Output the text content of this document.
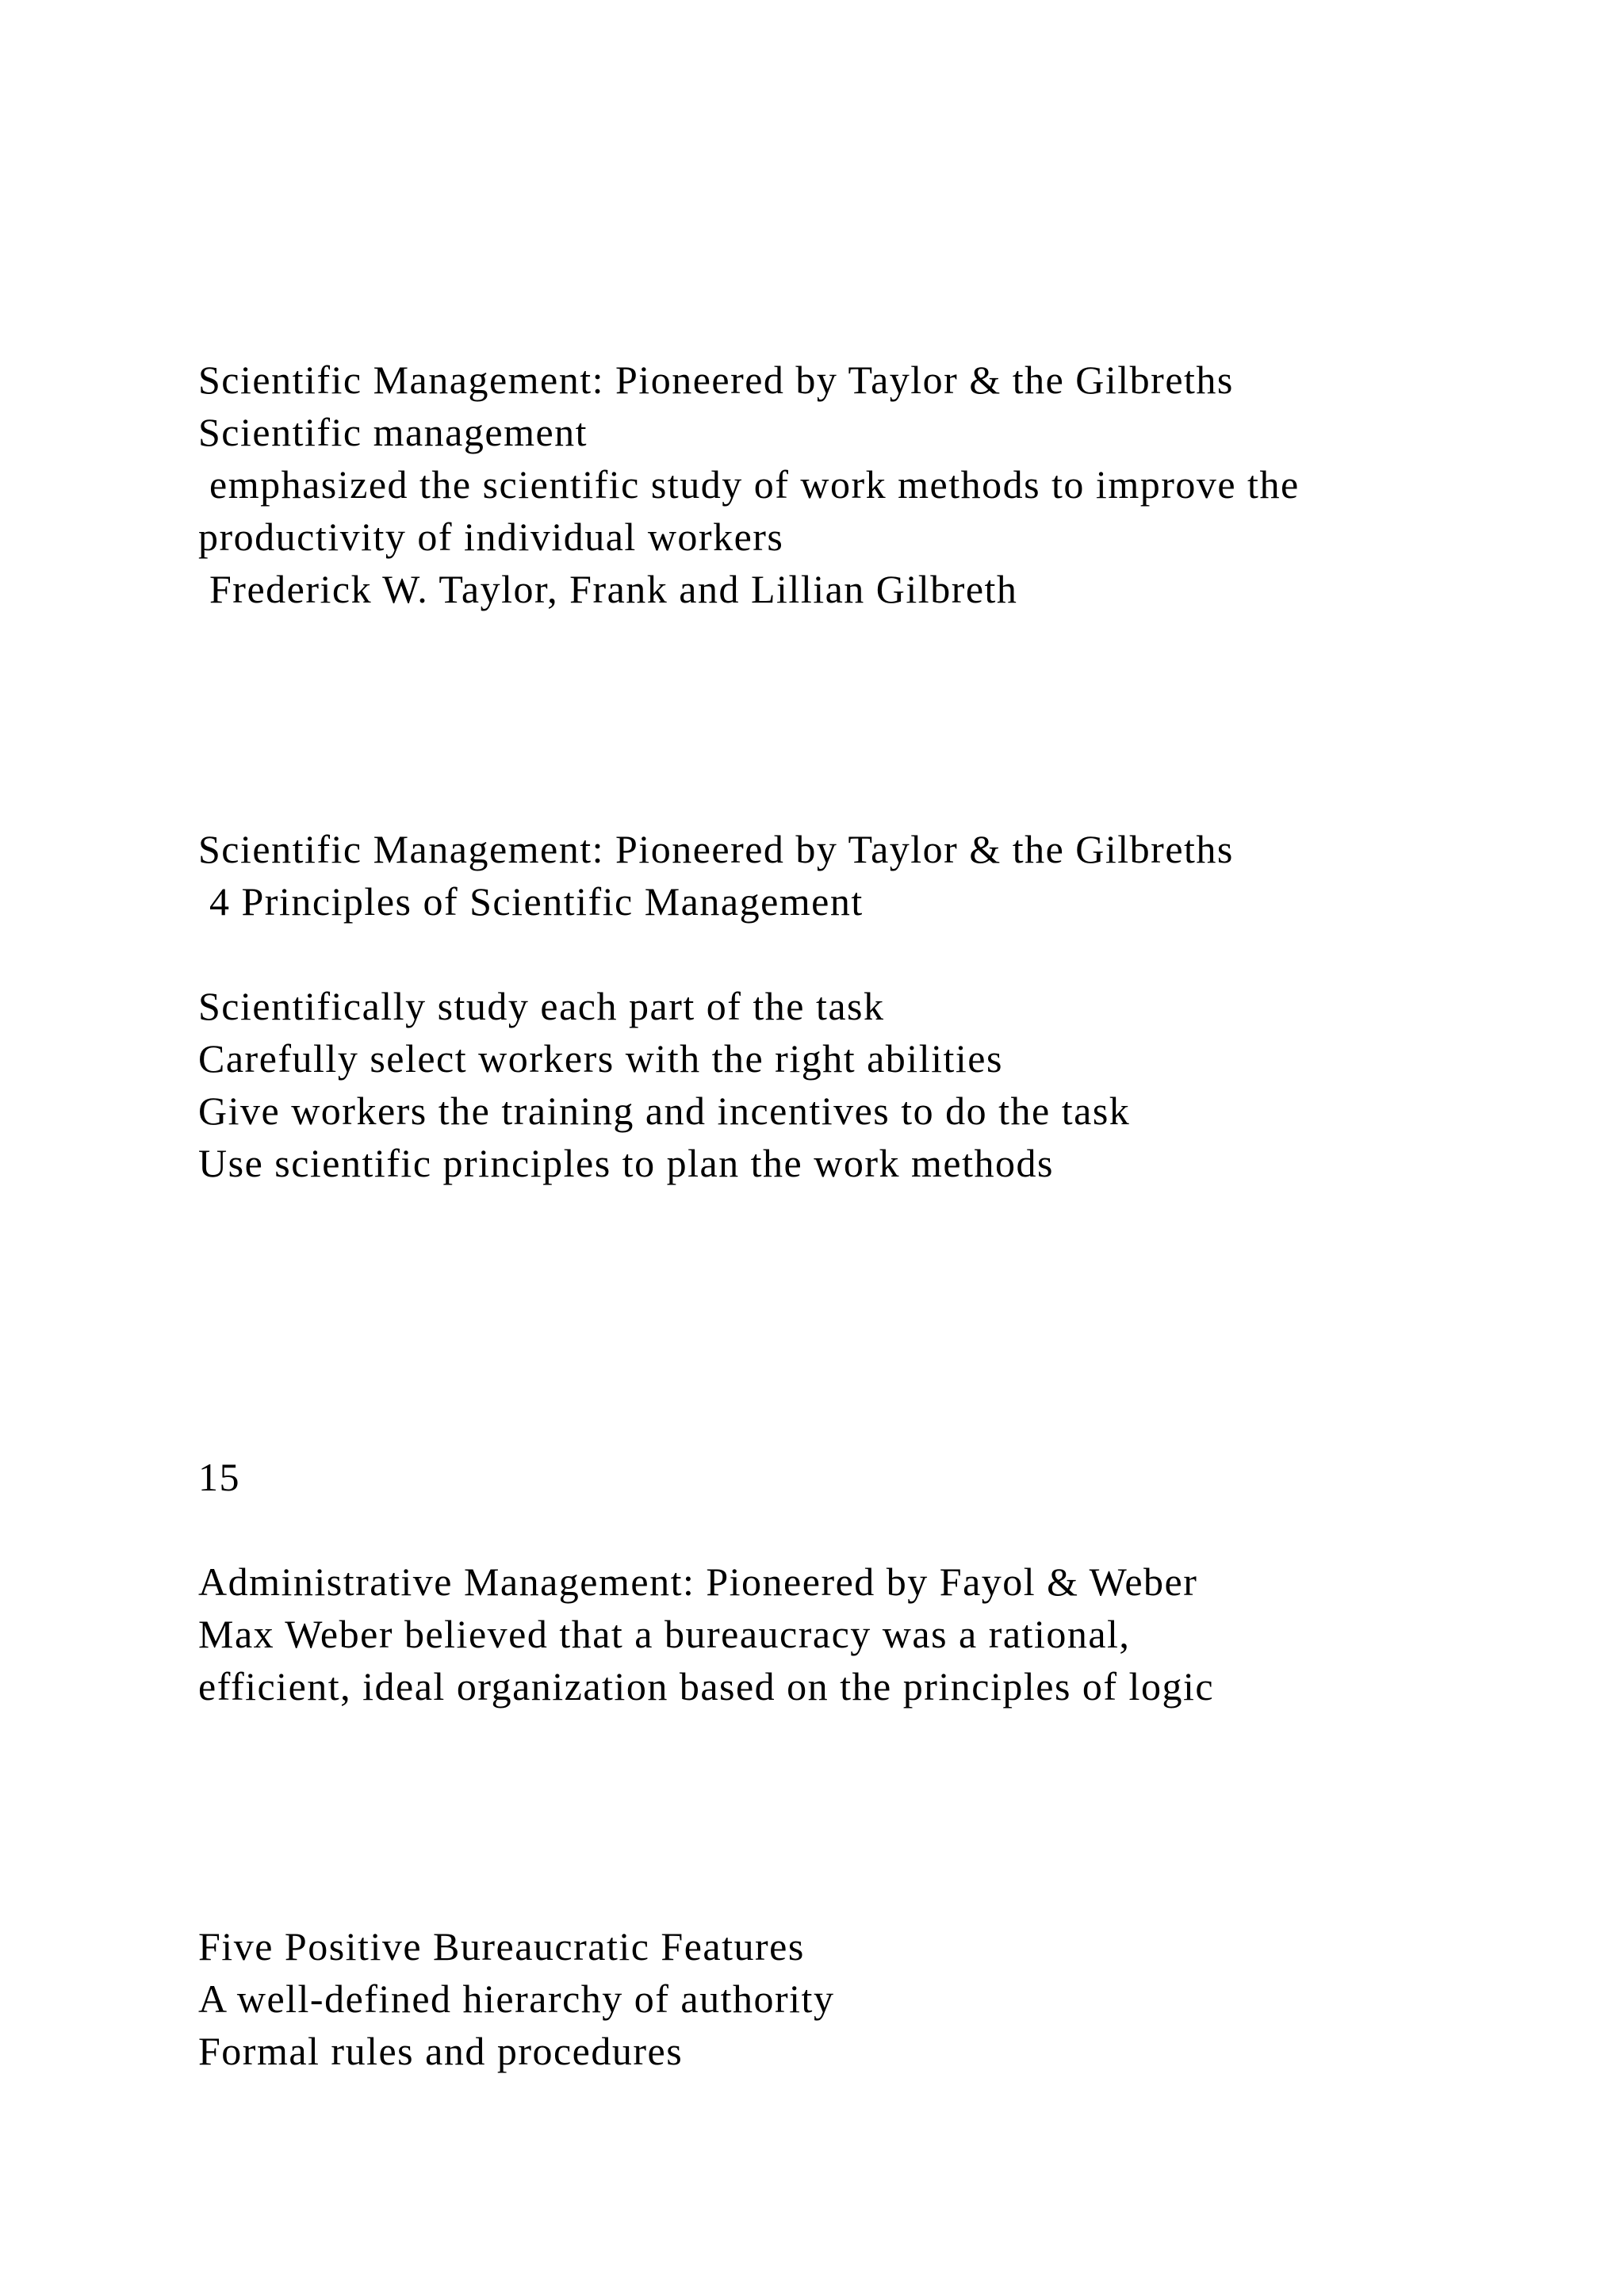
Scientific Management: Pioneered by Taylor & the Gilbreths

Scientific management

emphasized the scientific study of work methods to improve the

productivity of individual workers

Frederick W. Taylor, Frank and Lillian Gilbreth

Scientific Management: Pioneered by Taylor & the Gilbreths

4 Principles of Scientific Management

Scientifically study each part of the task

Carefully select workers with the right abilities

Give workers the training and incentives to do the task

Use scientific principles to plan the work methods

15

Administrative Management: Pioneered by Fayol & Weber

Max Weber believed that a bureaucracy was a rational,

efficient, ideal organization based on the principles of logic

Five Positive Bureaucratic Features

A well-defined hierarchy of authority

Formal rules and procedures
